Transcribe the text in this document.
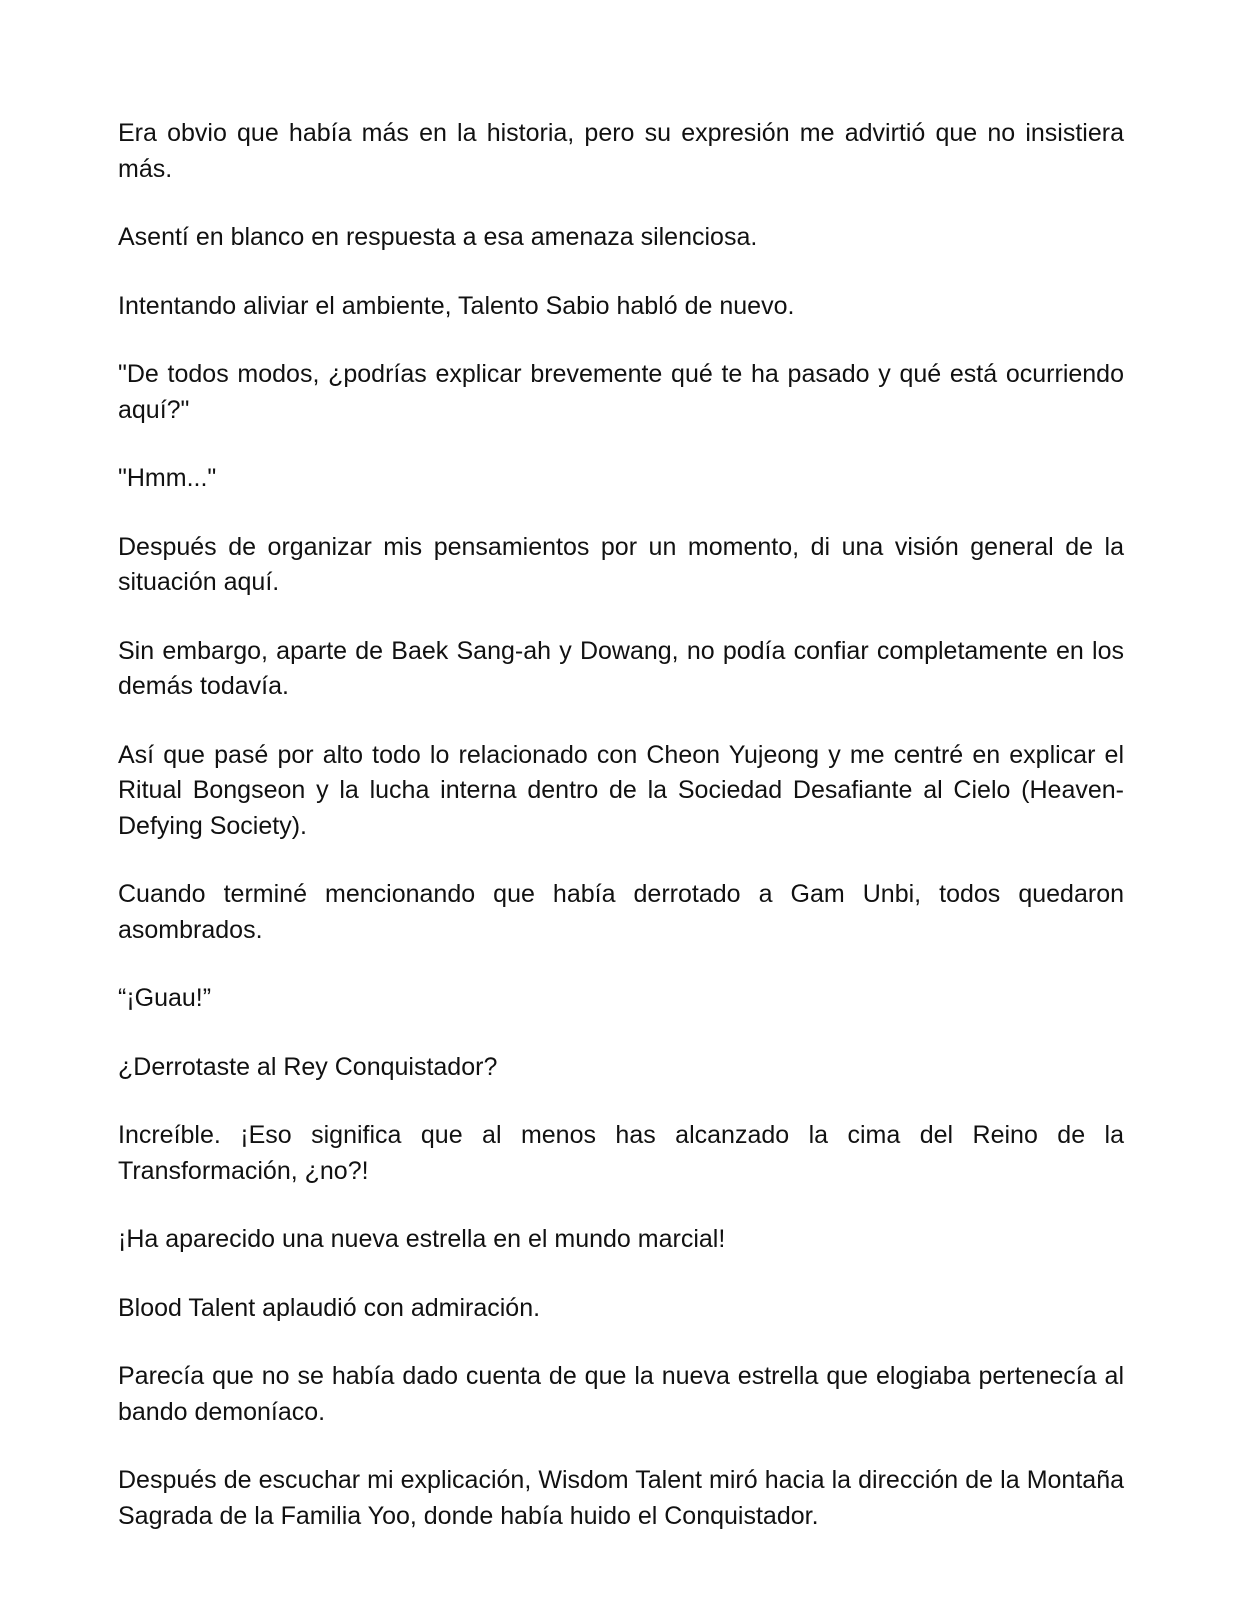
Era obvio que había más en la historia, pero su expresión me advirtió que no insistiera más.

Asentí en blanco en respuesta a esa amenaza silenciosa.

Intentando aliviar el ambiente, Talento Sabio habló de nuevo.

"De todos modos, ¿podrías explicar brevemente qué te ha pasado y qué está ocurriendo aquí?"

"Hmm..."

Después de organizar mis pensamientos por un momento, di una visión general de la situación aquí.

Sin embargo, aparte de Baek Sang-ah y Dowang, no podía confiar completamente en los demás todavía.

Así que pasé por alto todo lo relacionado con Cheon Yujeong y me centré en explicar el Ritual Bongseon y la lucha interna dentro de la Sociedad Desafiante al Cielo (Heaven-Defying Society).

Cuando terminé mencionando que había derrotado a Gam Unbi, todos quedaron asombrados.

“¡Guau!”

¿Derrotaste al Rey Conquistador?

Increíble. ¡Eso significa que al menos has alcanzado la cima del Reino de la Transformación, ¿no?!

¡Ha aparecido una nueva estrella en el mundo marcial!

Blood Talent aplaudió con admiración.

Parecía que no se había dado cuenta de que la nueva estrella que elogiaba pertenecía al bando demoníaco.

Después de escuchar mi explicación, Wisdom Talent miró hacia la dirección de la Montaña Sagrada de la Familia Yoo, donde había huido el Conquistador.
